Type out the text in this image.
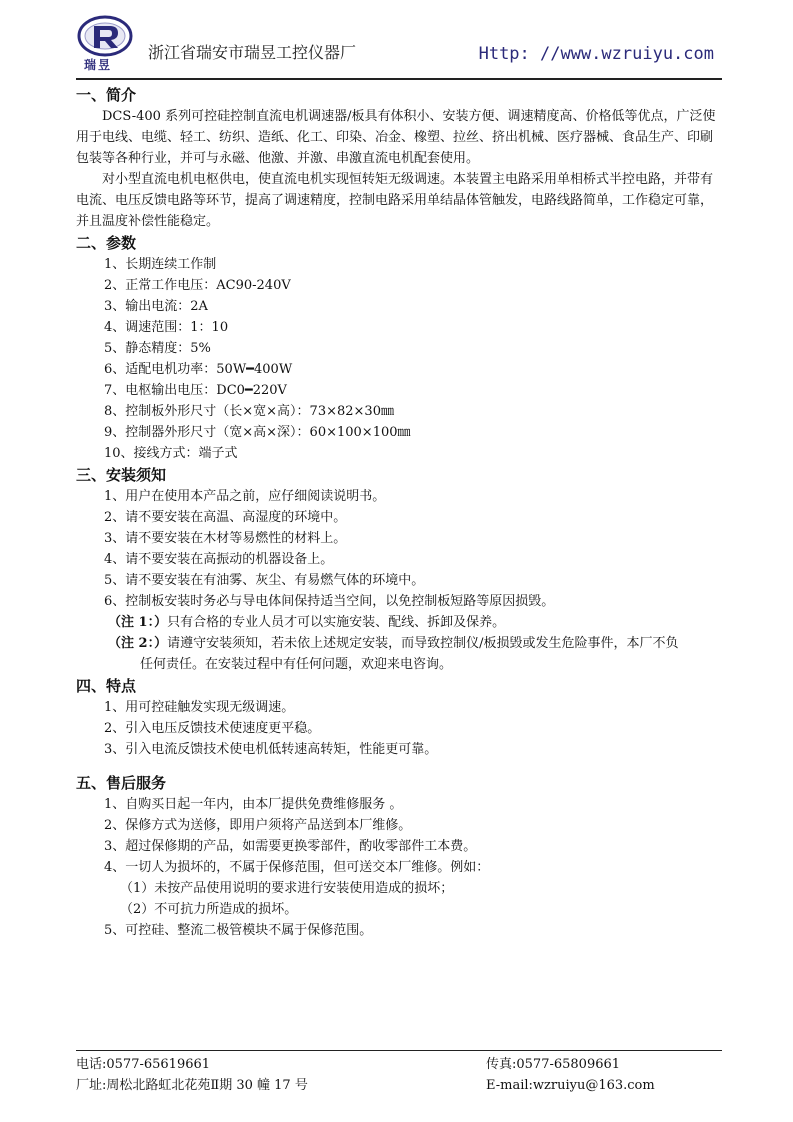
瑞昱
浙江省瑞安市瑞昱工控仪器厂	Http: //www.wzruiyu.com
一、简介

DCS-400 系列可控硅控制直流电机调速器/板具有体积小、安装方便、调速精度高、价格低等优点，广泛使用于电线、电缆、轻工、纺织、造纸、化工、印染、冶金、橡塑、拉丝、挤出机械、医疗器械、食品生产、印刷包装等各种行业，并可与永磁、他激、并激、串激直流电机配套使用。

对小型直流电机电枢供电，使直流电机实现恒转矩无级调速。本装置主电路采用单相桥式半控电路，并带有电流、电压反馈电路等环节，提高了调速精度，控制电路采用单结晶体管触发，电路线路简单，工作稳定可靠，并且温度补偿性能稳定。

二、参数
1、长期连续工作制
2、正常工作电压：AC90-240V
3、输出电流：2A
4、调速范围：1：10
5、静态精度：5%
6、适配电机功率：50W━400W
7、电枢输出电压：DC0━220V
8、控制板外形尺寸（长×宽×高）：73×82×30㎜
9、控制器外形尺寸（宽×高×深）：60×100×100㎜
10、接线方式：端子式
三、安装须知
1、用户在使用本产品之前，应仔细阅读说明书。
2、请不要安装在高温、高湿度的环境中。
3、请不要安装在木材等易燃性的材料上。
4、请不要安装在高振动的机器设备上。
5、请不要安装在有油雾、灰尘、有易燃气体的环境中。
6、控制板安装时务必与导电体间保持适当空间，以免控制板短路等原因损毁。
（注 1：）只有合格的专业人员才可以实施安装、配线、拆卸及保养。
（注 2：）请遵守安装须知，若未依上述规定安装，而导致控制仪/板损毁或发生危险事件，本厂不负
任何责任。在安装过程中有任何问题，欢迎来电咨询。
四、特点
1、用可控硅触发实现无级调速。
2、引入电压反馈技术使速度更平稳。
3、引入电流反馈技术使电机低转速高转矩，性能更可靠。
五、售后服务
1、自购买日起一年内，由本厂提供免费维修服务 。
2、保修方式为送修，即用户须将产品送到本厂维修。
3、超过保修期的产品，如需要更换零部件，酌收零部件工本费。
4、一切人为损坏的，不属于保修范围，但可送交本厂维修。例如：
（1）未按产品使用说明的要求进行安装使用造成的损坏；
（2）不可抗力所造成的损坏。
5、可控硅、整流二极管模块不属于保修范围。
电话:0577-65619661	传真:0577-65809661
厂址:周松北路虹北花苑Ⅱ期 30 幢 17 号	E-mail:wzruiyu@163.com
